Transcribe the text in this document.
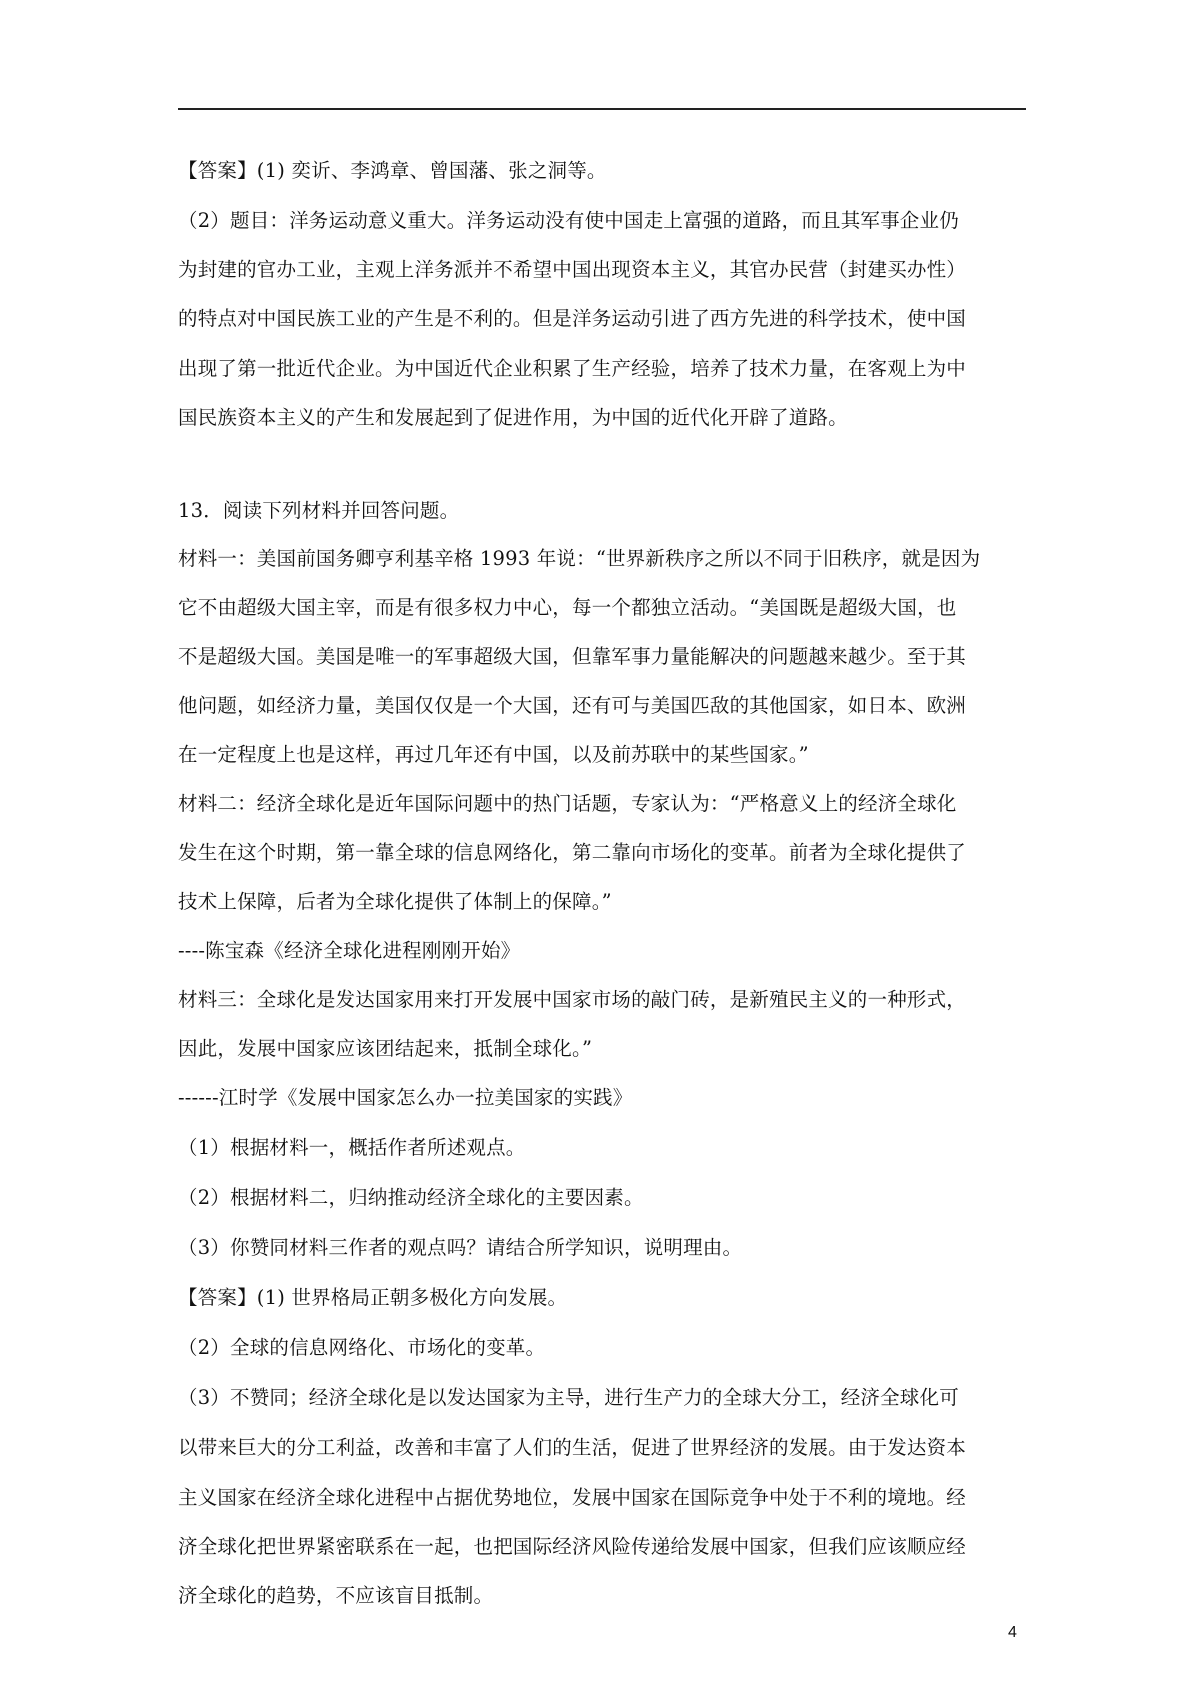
【答案】(1) 奕䜣、李鸿章、曾国藩、张之洞等。
（2）题目：洋务运动意义重大。洋务运动没有使中国走上富强的道路，而且其军事企业仍
为封建的官办工业，主观上洋务派并不希望中国出现资本主义，其官办民营（封建买办性）
的特点对中国民族工业的产生是不利的。但是洋务运动引进了西方先进的科学技术，使中国
出现了第一批近代企业。为中国近代企业积累了生产经验，培养了技术力量，在客观上为中
国民族资本主义的产生和发展起到了促进作用，为中国的近代化开辟了道路。
13．阅读下列材料并回答问题。
材料一：美国前国务卿亨利基辛格 1993 年说：“世界新秩序之所以不同于旧秩序，就是因为
它不由超级大国主宰，而是有很多权力中心，每一个都独立活动。“美国既是超级大国，也
不是超级大国。美国是唯一的军事超级大国，但靠军事力量能解决的问题越来越少。至于其
他问题，如经济力量，美国仅仅是一个大国，还有可与美国匹敌的其他国家，如日本、欧洲
在一定程度上也是这样，再过几年还有中国，以及前苏联中的某些国家。”
材料二：经济全球化是近年国际问题中的热门话题，专家认为：“严格意义上的经济全球化
发生在这个时期，第一靠全球的信息网络化，第二靠向市场化的变革。前者为全球化提供了
技术上保障，后者为全球化提供了体制上的保障。”
----陈宝森《经济全球化进程刚刚开始》
材料三：全球化是发达国家用来打开发展中国家市场的敲门砖，是新殖民主义的一种形式，
因此，发展中国家应该团结起来，抵制全球化。”
------江时学《发展中国家怎么办一拉美国家的实践》
（1）根据材料一，概括作者所述观点。
（2）根据材料二，归纳推动经济全球化的主要因素。
（3）你赞同材料三作者的观点吗？请结合所学知识，说明理由。
【答案】(1) 世界格局正朝多极化方向发展。
（2）全球的信息网络化、市场化的变革。
（3）不赞同；经济全球化是以发达国家为主导，进行生产力的全球大分工，经济全球化可
以带来巨大的分工利益，改善和丰富了人们的生活，促进了世界经济的发展。由于发达资本
主义国家在经济全球化进程中占据优势地位，发展中国家在国际竞争中处于不利的境地。经
济全球化把世界紧密联系在一起，也把国际经济风险传递给发展中国家，但我们应该顺应经
济全球化的趋势，不应该盲目抵制。
4
